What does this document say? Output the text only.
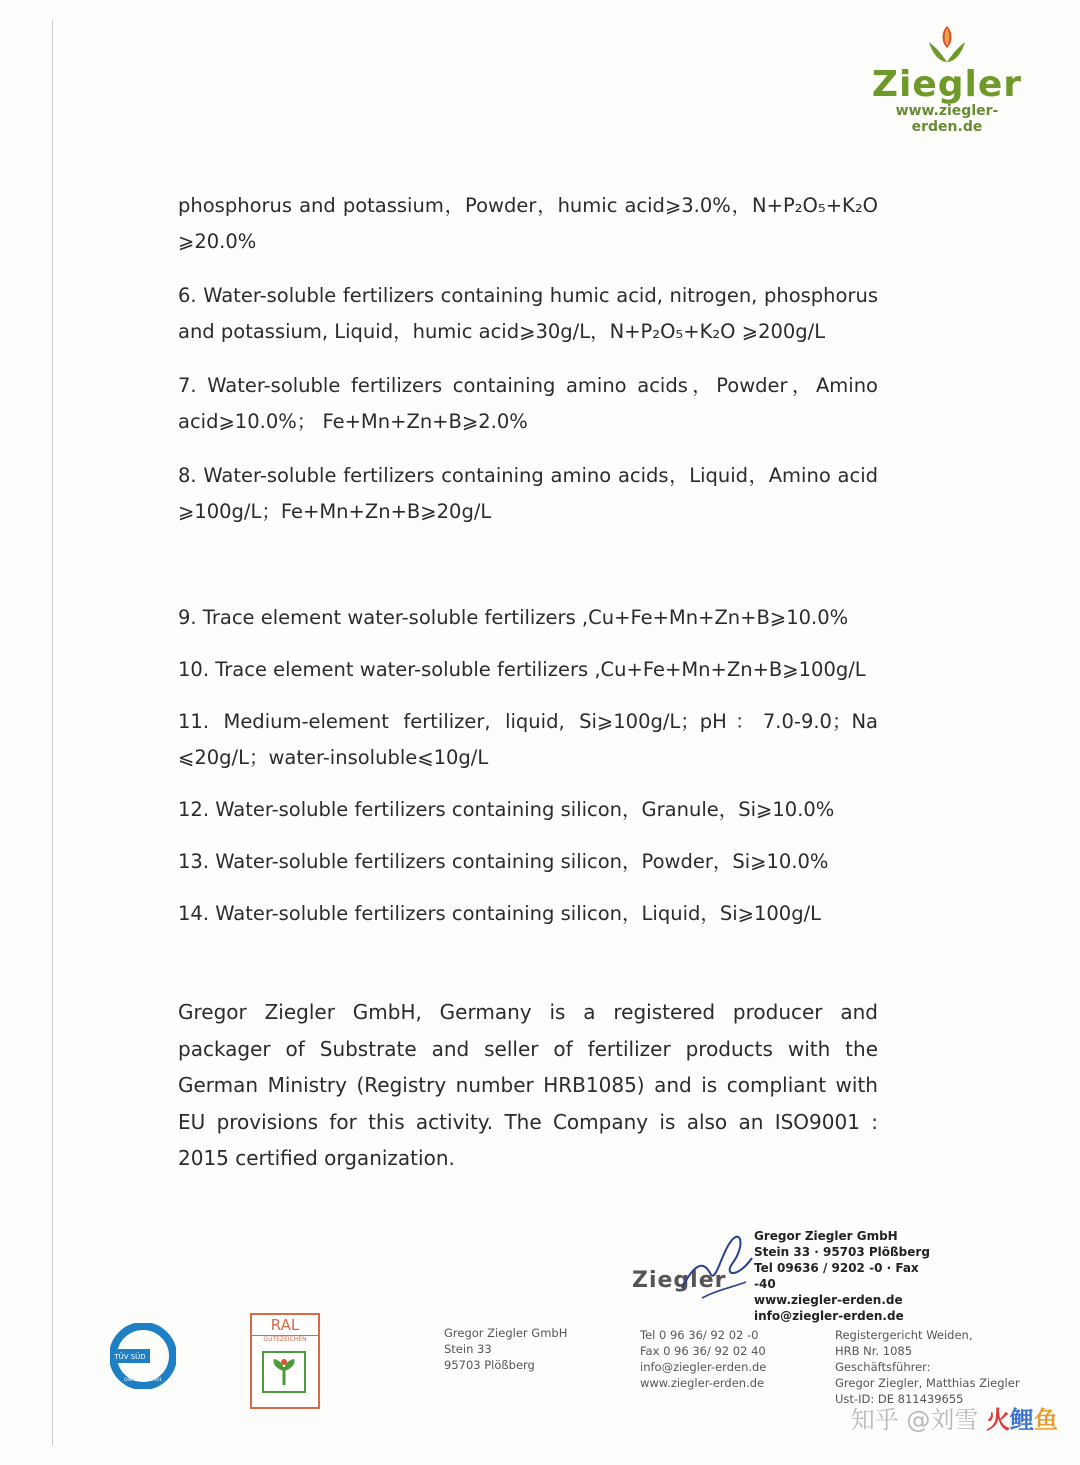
Ziegler
www.ziegler-erden.de

phosphorus and potassium，Powder，humic acid⩾3.0%，N+P₂O₅+K₂O ⩾20.0%

6. Water-soluble fertilizers containing humic acid, nitrogen, phosphorus and potassium, Liquid，humic acid⩾30g/L，N+P₂O₅+K₂O ⩾200g/L

7. Water-soluble fertilizers containing amino acids，Powder，Amino acid⩾10.0%； Fe+Mn+Zn+B⩾2.0%

8. Water-soluble fertilizers containing amino acids，Liquid，Amino acid ⩾100g/L；Fe+Mn+Zn+B⩾20g/L

9. Trace element water-soluble fertilizers ,Cu+Fe+Mn+Zn+B⩾10.0%

10. Trace element water-soluble fertilizers ,Cu+Fe+Mn+Zn+B⩾100g/L

11. Medium-element fertilizer, liquid, Si⩾100g/L；pH：7.0-9.0；Na ⩽20g/L；water-insoluble⩽10g/L

12. Water-soluble fertilizers containing silicon，Granule，Si⩾10.0%

13. Water-soluble fertilizers containing silicon，Powder，Si⩾10.0%

14. Water-soluble fertilizers containing silicon，Liquid，Si⩾100g/L

Gregor Ziegler GmbH, Germany is a registered producer and packager of Substrate and seller of fertilizer products with the German Ministry (Registry number HRB1085) and is compliant with EU provisions for this activity. The Company is also an ISO9001 : 2015 certified organization.

Ziegler
Gregor Ziegler GmbH
Stein 33 · 95703 Plößberg
Tel 09636 / 9202 -0 · Fax -40
www.ziegler-erden.de
info@ziegler-erden.de
TÜV SÜD
DIN EN ISO 9001
RAL
GÜTEZEICHEN	Gregor Ziegler GmbH
Stein 33
95703 Plößberg
Tel 0 96 36/ 92 02 -0
Fax 0 96 36/ 92 02 40
info@ziegler-erden.de
www.ziegler-erden.de
Registergericht Weiden,
HRB Nr. 1085
Geschäftsführer:
Gregor Ziegler, Matthias Ziegler
Ust-ID: DE 811439655
知乎 @刘雪 火鲤鱼
